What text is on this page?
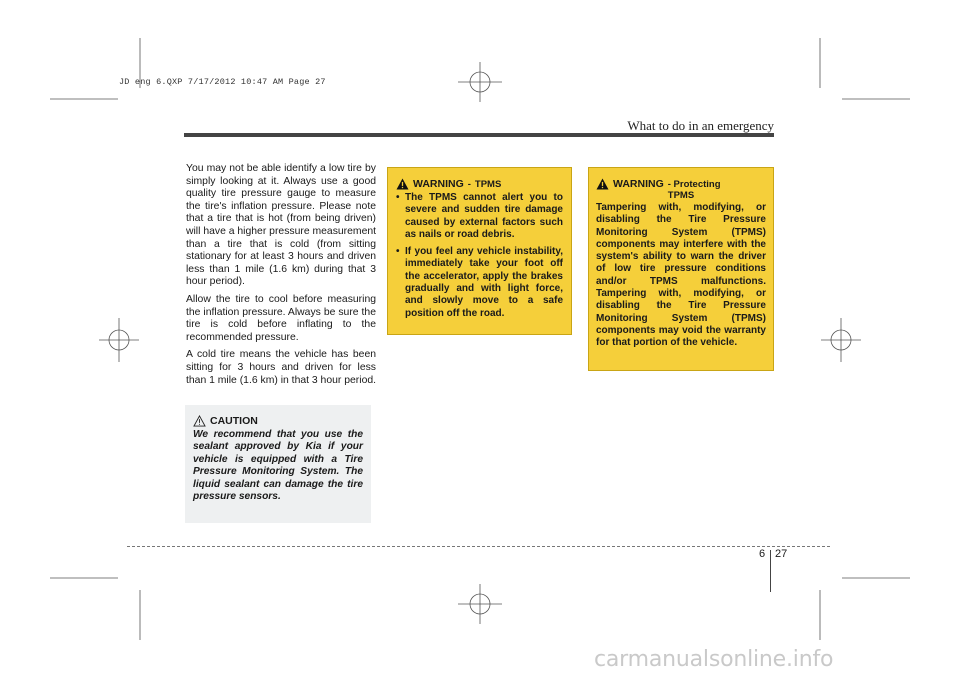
JD eng 6.QXP 7/17/2012 10:47 AM Page 27
What to do in an emergency

You may not be able identify a low tire by simply looking at it. Always use a good quality tire pressure gauge to measure the tire's inflation pressure. Please note that a tire that is hot (from being driven) will have a higher pressure measurement than a tire that is cold (from sitting stationary for at least 3 hours and driven less than 1 mile (1.6 km) during that 3 hour period).

Allow the tire to cool before measuring the inflation pressure. Always be sure the tire is cold before inflating to the recommended pressure.

A cold tire means the vehicle has been sitting for 3 hours and driven for less than 1 mile (1.6 km) in that 3 hour period.

CAUTION

We recommend that you use the sealant approved by Kia if your vehicle is equipped with a Tire Pressure Monitoring System. The liquid sealant can damage the tire pressure sensors.

WARNING - TPMS
• The TPMS cannot alert you to severe and sudden tire damage caused by external factors such as nails or road debris.
• If you feel any vehicle instability, immediately take your foot off the accelerator, apply the brakes gradually and with light force, and slowly move to a safe position off the road.
WARNING - Protecting
TPMS

Tampering with, modifying, or disabling the Tire Pressure Monitoring System (TPMS) components may interfere with the system's ability to warn the driver of low tire pressure conditions and/or TPMS malfunctions. Tampering with, modifying, or disabling the Tire Pressure Monitoring System (TPMS) components may void the warranty for that portion of the vehicle.

6 27
carmanualsonline.info
